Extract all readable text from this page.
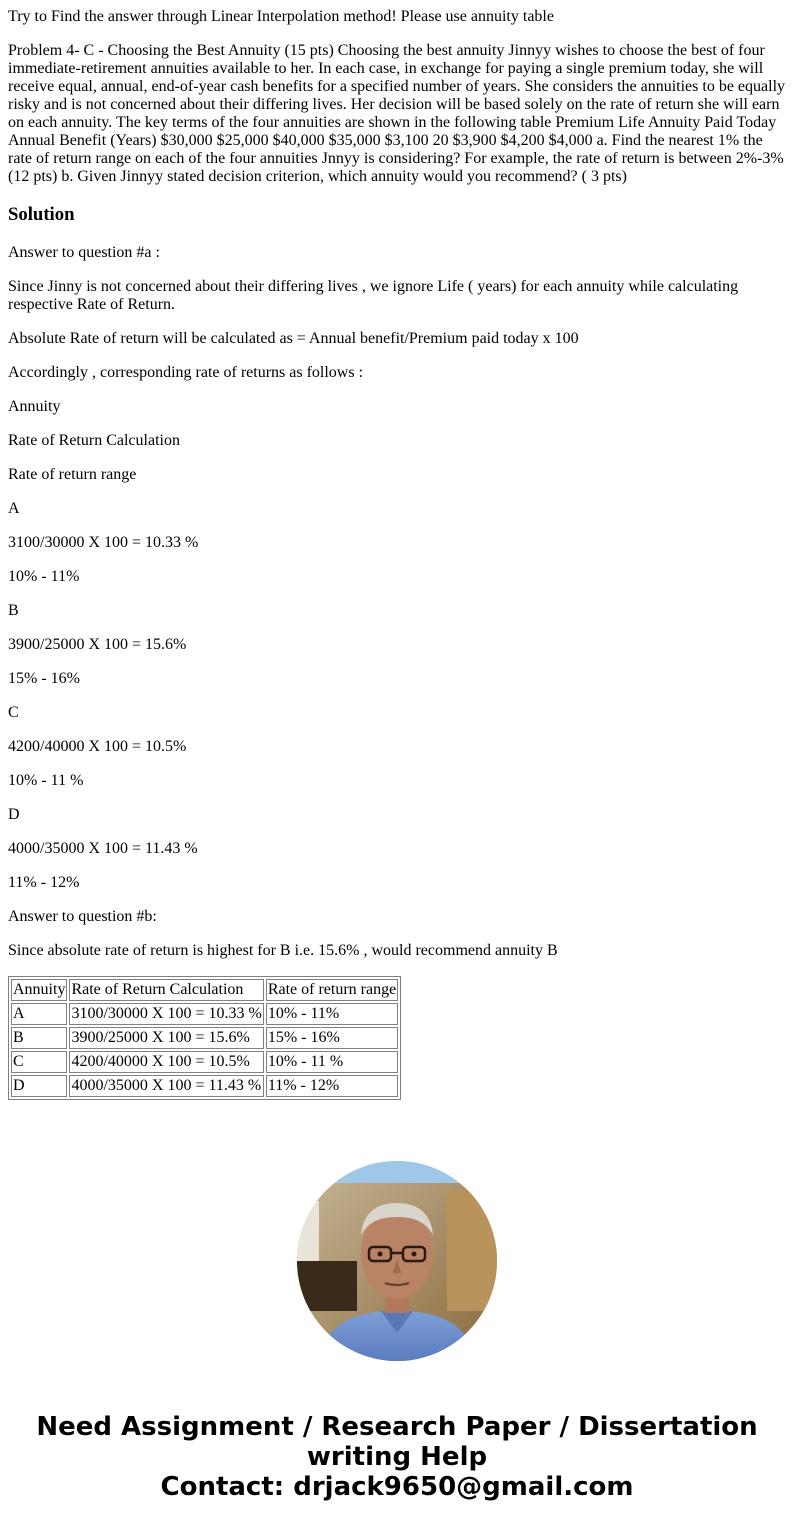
Try to Find the answer through Linear Interpolation method! Please use annuity table

Problem 4- C - Choosing the Best Annuity (15 pts) Choosing the best annuity Jinnyy wishes to choose the best of four immediate-retirement annuities available to her. In each case, in exchange for paying a single premium today, she will receive equal, annual, end-of-year cash benefits for a specified number of years. She considers the annuities to be equally risky and is not concerned about their differing lives. Her decision will be based solely on the rate of return she will earn on each annuity. The key terms of the four annuities are shown in the following table Premium Life Annuity Paid Today Annual Benefit (Years) $30,000 $25,000 $40,000 $35,000 $3,100 20 $3,900 $4,200 $4,000 a. Find the nearest 1% the rate of return range on each of the four annuities Jnnyy is considering? For example, the rate of return is between 2%-3% (12 pts) b. Given Jinnyy stated decision criterion, which annuity would you recommend? ( 3 pts)

Solution

Answer to question #a :

Since Jinny is not concerned about their differing lives , we ignore Life ( years) for each annuity while calculating respective Rate of Return.

Absolute Rate of return will be calculated as = Annual benefit/Premium paid today x 100

Accordingly , corresponding rate of returns as follows :

Annuity

Rate of Return Calculation

Rate of return range

A

3100/30000 X 100 = 10.33 %

10% - 11%

B

3900/25000 X 100 = 15.6%

15% - 16%

C

4200/40000 X 100 = 10.5%

10% - 11 %

D

4000/35000 X 100 = 11.43 %

11% - 12%

Answer to question #b:

Since absolute rate of return is highest for B i.e. 15.6% , would recommend annuity B

Annuity	Rate of Return Calculation	Rate of return range
A	3100/30000 X 100 = 10.33 %	10% - 11%
B	3900/25000 X 100 = 15.6%	15% - 16%
C	4200/40000 X 100 = 10.5%	10% - 11 %
D	4000/35000 X 100 = 11.43 %	11% - 12%
Need Assignment / Research Paper / Dissertation
writing Help
Contact: drjack9650@gmail.com
